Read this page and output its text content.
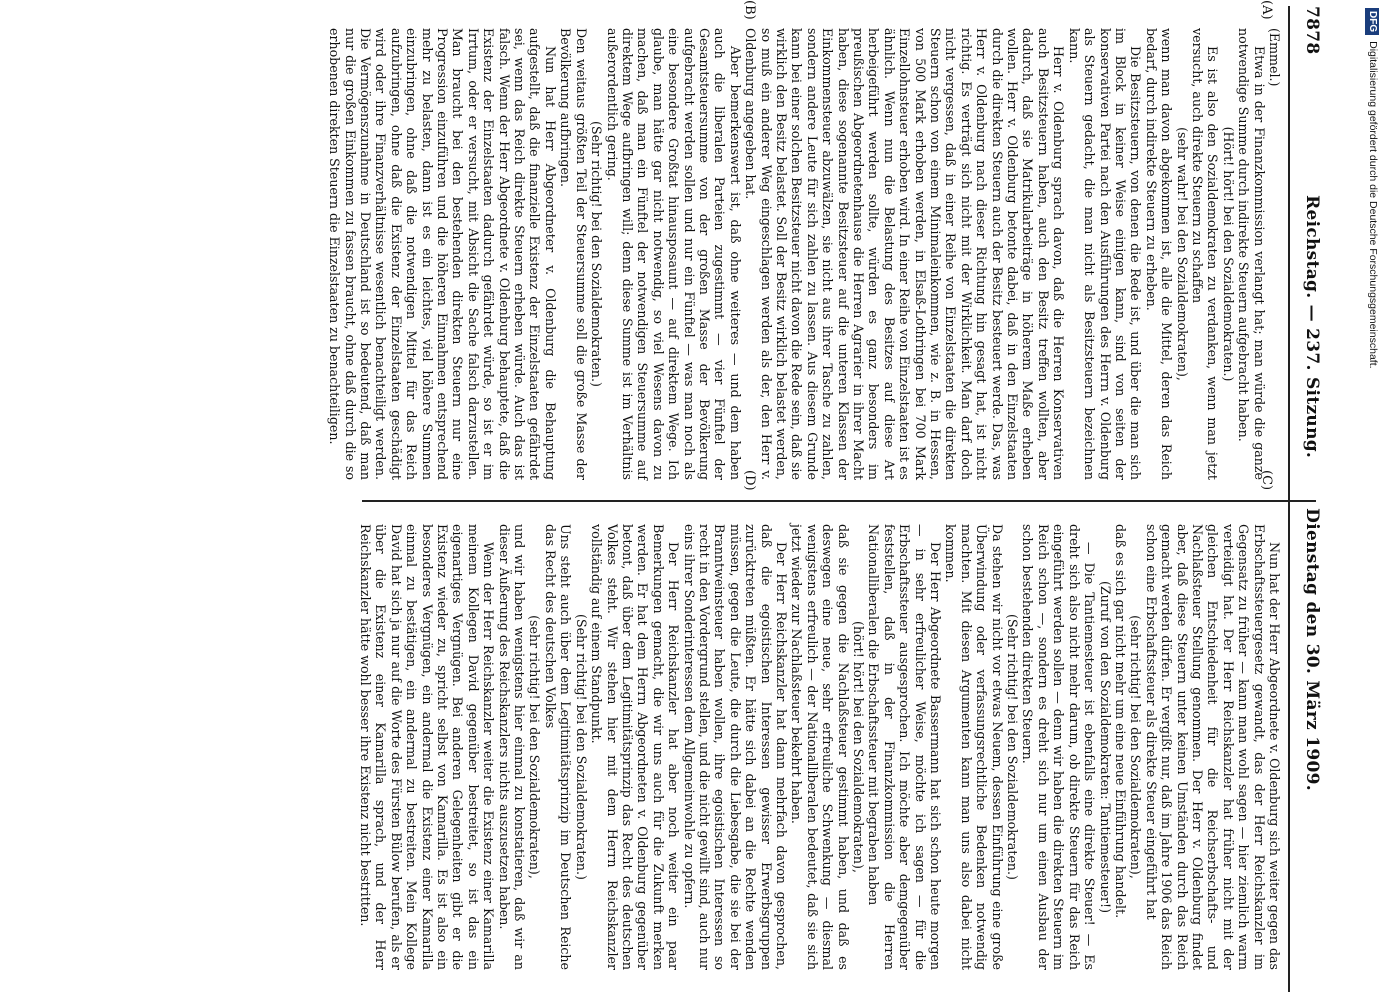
7878
Reichstag. — 237. Sitzung.
Dienstag den 30. März 1909.

(Emmel.)

Etwa in der Finanzkommission verlangt hat; man würde die ganze notwendige Summe durch indirekte Steuern aufgebracht haben.

(Hört! hört! bei den Sozialdemokraten.)

Es ist also den Sozialdemokraten zu verdanken, wenn man jetzt versucht, auch direkte Steuern zu schaffen

(sehr wahr! bei den Sozialdemokraten),

wenn man davon abgekommen ist, alle die Mittel, deren das Reich bedarf, durch indirekte Steuern zu erheben.

Die Besitzsteuern, von denen die Rede ist, und über die man sich im Block in keiner Weise einigen kann, sind von seiten der konservativen Partei nach den Ausführungen des Herrn v. Oldenburg als Steuern gedacht, die man nicht als Besitzsteuern bezeichnen kann.

Herr v. Oldenburg sprach davon, daß die Herren Konservativen auch Besitzsteuern haben, auch den Besitz treffen wollten, aber dadurch, daß sie Matrikularbeiträge in höherem Maße erheben wollen. Herr v. Oldenburg betonte dabei, daß in den Einzelstaaten durch die direkten Steuern auch der Besitz besteuert werde. Das, was Herr v. Oldenburg nach dieser Richtung hin gesagt hat, ist nicht richtig. Es verträgt sich nicht mit der Wirklichkeit. Man darf doch nicht vergessen, daß in einer Reihe von Einzelstaaten die direkten Steuern schon von einem Minimaleinkommen, wie z. B. in Hessen, von 500 Mark erhoben werden, in Elsaß-Lothringen bei 700 Mark Einzellohnsteuer erhoben wird. In einer Reihe von Einzelstaaten ist es ähnlich. Wenn nun die Belastung des Besitzes auf diese Art herbeigeführt werden sollte, würden es ganz besonders im preußischen Abgeordnetenhause die Herren Agrarier in ihrer Macht haben, diese sogenannte Besitzsteuer auf die unteren Klassen der Einkommensteuer abzuwälzen, sie nicht aus ihrer Tasche zu zahlen, sondern andere Leute für sich zahlen zu lassen. Aus diesem Grunde kann bei einer solchen Besitzsteuer nicht davon die Rede sein, daß sie wirklich den Besitz belastet. Soll der Besitz wirklich belastet werden, so muß ein anderer Weg eingeschlagen werden als der, den Herr v. Oldenburg angegeben hat.

Aber bemerkenswert ist, daß ohne weiteres — und dem haben auch die liberalen Parteien zugestimmt — vier Fünftel der Gesamtsteuersumme von der großen Masse der Bevölkerung aufgebracht werden sollen und nur ein Fünftel — was man noch als eine besondere Großtat hinausposaunt — auf direktem Wege. Ich glaube, man hätte gar nicht notwendig, so viel Wesens davon zu machen, daß man ein Fünftel der notwendigen Steuersumme auf direktem Wege aufbringen will; denn diese Summe ist im Verhältnis außerordentlich gering.

(Sehr richtig! bei den Sozialdemokraten.)

Den weitaus größten Teil der Steuersumme soll die große Masse der Bevölkerung aufbringen.

Nun hat Herr Abgeordneter v. Oldenburg die Behauptung aufgestellt, daß die finanzielle Existenz der Einzelstaaten gefährdet sei, wenn das Reich direkte Steuern erheben würde. Auch das ist falsch. Wenn der Herr Abgeordnete v. Oldenburg behauptete, daß die Existenz der Einzelstaaten dadurch gefährdet würde, so ist er im Irrtum, oder er versucht, mit Absicht die Sache falsch darzustellen. Man braucht bei den bestehenden direkten Steuern nur eine Progression einzuführen und die höheren Einnahmen entsprechend mehr zu belasten, dann ist es ein leichtes, viel höhere Summen einzubringen, ohne daß die notwendigen Mittel für das Reich aufzubringen, ohne daß die Existenz der Einzelstaaten geschädigt wird oder ihre Finanzverhältnisse wesentlich benachteiligt werden. Die Vermögenszunahme in Deutschland ist so bedeutend, daß man nur die großen Einkommen zu fassen braucht, ohne daß durch die so erhobenen direkten Steuern die Einzelstaaten zu benachteiligen.

Nun hat der Herr Abgeordnete v. Oldenburg sich weiter gegen das Erbschaftssteuergesetz gewandt, das der Herr Reichskanzler im Gegensatz zu früher — kann man wohl sagen — hier ziemlich warm verteidigt hat. Der Herr Reichskanzler hat früher nicht mit der gleichen Entschiedenheit für die Reichserbschafts- und Nachlaßsteuer Stellung genommen. Der Herr v. Oldenburg findet aber, daß diese Steuern unter keinen Umständen durch das Reich gemacht werden dürfen. Er vergißt nur, daß im Jahre 1906 das Reich schon eine Erbschaftssteuer als direkte Steuer eingeführt hat

(sehr richtig! bei den Sozialdemokraten),

daß es sich gar nicht mehr um eine neue Einführung handelt.

(Zuruf von den Sozialdemokraten: Tantiemesteuer!)

— Die Tantiemesteuer ist ebenfalls eine direkte Steuer! — Es dreht sich also nicht mehr darum, ob direkte Steuern für das Reich eingeführt werden sollen — denn wir haben die direkten Steuern im Reich schon —, sondern es dreht sich nur um einen Ausbau der schon bestehenden direkten Steuern.

(Sehr richtig! bei den Sozialdemokraten.)

Da stehen wir nicht vor etwas Neuem, dessen Einführung eine große Überwindung oder verfassungsrechtliche Bedenken notwendig machten. Mit diesen Argumenten kann man uns also dabei nicht kommen.

Der Herr Abgeordnete Bassermann hat sich schon heute morgen — in sehr erfreulicher Weise, möchte ich sagen — für die Erbschaftssteuer ausgesprochen. Ich möchte aber demgegenüber feststellen, daß in der Finanzkommission die Herren Nationalliberalen die Erbschaftssteuer mit begraben haben

(hört! hört! bei den Sozialdemokraten),

daß sie gegen die Nachlaßsteuer gestimmt haben, und daß es deswegen eine neue, sehr erfreuliche Schwenkung — diesmal wenigstens erfreulich — der Nationalliberalen bedeutet, daß sie sich jetzt wieder zur Nachlaßsteuer bekehrt haben.

Der Herr Reichskanzler hat dann mehrfach davon gesprochen, daß die egoistischen Interessen gewisser Erwerbsgruppen zurücktreten müßten. Er hätte sich dabei an die Rechte wenden müssen, gegen die Leute, die durch die Liebesgabe, die sie bei der Branntweinsteuer haben wollen, ihre egoistischen Interessen so recht in den Vordergrund stellen, und die nicht gewillt sind, auch nur eins ihrer Sonderinteressen dem Allgemeinwohle zu opfern.

Der Herr Reichskanzler hat aber noch weiter ein paar Bemerkungen gemacht, die wir uns auch für die Zukunft merken werden. Er hat dem Herrn Abgeordneten v. Oldenburg gegenüber betont, daß über dem Legitimitätsprinzip das Recht des deutschen Volkes steht. Wir stehen hier mit dem Herrn Reichskanzler vollständig auf einem Standpunkt.

(Sehr richtig! bei den Sozialdemokraten.)

Uns steht auch über dem Legitimitätsprinzip im Deutschen Reiche das Recht des deutschen Volkes

(sehr richtig! bei den Sozialdemokraten),

und wir haben wenigstens hier einmal zu konstatieren, daß wir an dieser Äußerung des Reichskanzlers nichts auszusetzen haben.

Wenn der Herr Reichskanzler weiter die Existenz einer Kamarilla meinem Kollegen David gegenüber bestreitet, so ist das ein eigenartiges Vergnügen. Bei anderen Gelegenheiten gibt er die Existenz wieder zu, spricht selbst von Kamarilla. Es ist also ein besonderes Vergnügen, ein andermal die Existenz einer Kamarilla einmal zu bestätigen, ein andermal zu bestreiten. Mein Kollege David hat sich ja nur auf die Worte des Fürsten Bülow berufen, als er über die Existenz einer Kamarilla sprach, und der Herr Reichskanzler hätte wohl besser ihre Existenz nicht bestritten.

(A)
(B)
(C)
(D)
DFGDigitalisierung gefördert durch die Deutsche Forschungsgemeinschaft.
